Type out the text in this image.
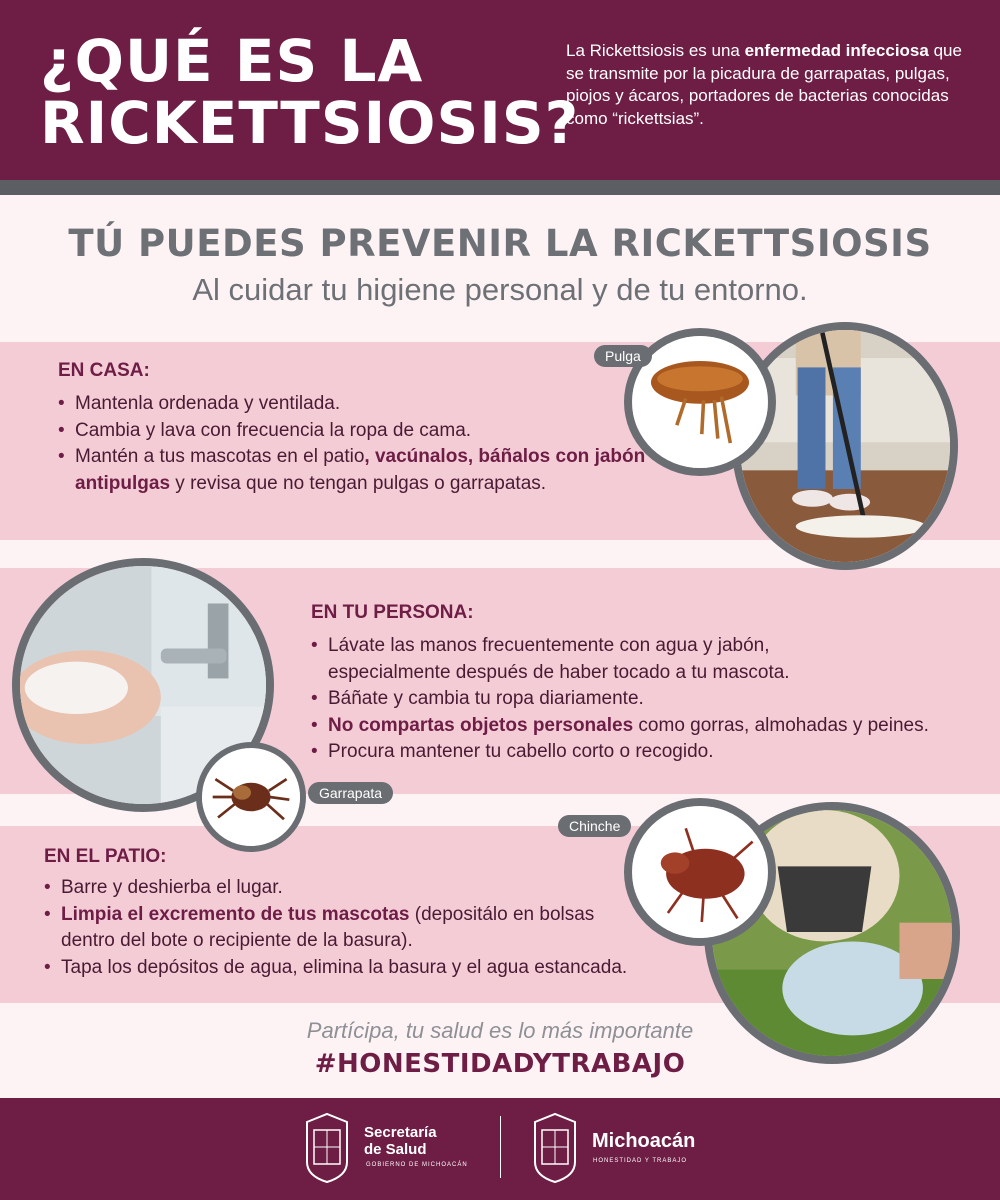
¿QUÉ ES LA
RICKETTSIOSIS?
La Rickettsiosis es una enfermedad infecciosa que se transmite por la picadura de garrapatas, pulgas, piojos y ácaros, portadores de bacterias conocidas como “rickettsias”.
TÚ PUEDES PREVENIR LA RICKETTSIOSIS
Al cuidar tu higiene personal y de tu entorno.
EN CASA:
• Mantenla ordenada y ventilada.
• Cambia y lava con frecuencia la ropa de cama.
• Mantén a tus mascotas en el patio, vacúnalos, báñalos con jabón antipulgas y revisa que no tengan pulgas o garrapatas.
Pulga
Garrapata
EN TU PERSONA:
• Lávate las manos frecuentemente con agua y jabón, especialmente después de haber tocado a tu mascota.
• Báñate y cambia tu ropa diariamente.
• No compartas objetos personales como gorras, almohadas y peines.
• Procura mantener tu cabello corto o recogido.
EN EL PATIO:
• Barre y deshierba el lugar.
• Limpia el excremento de tus mascotas (depositálo en bolsas dentro del bote o recipiente de la basura).
• Tapa los depósitos de agua, elimina la basura y el agua estancada.
Chinche
Partícipa, tu salud es lo más importante
#HONESTIDADYTRABAJO
Secretaría
de Salud
GOBIERNO DE MICHOACÁN
Michoacán
HONESTIDAD Y TRABAJO
